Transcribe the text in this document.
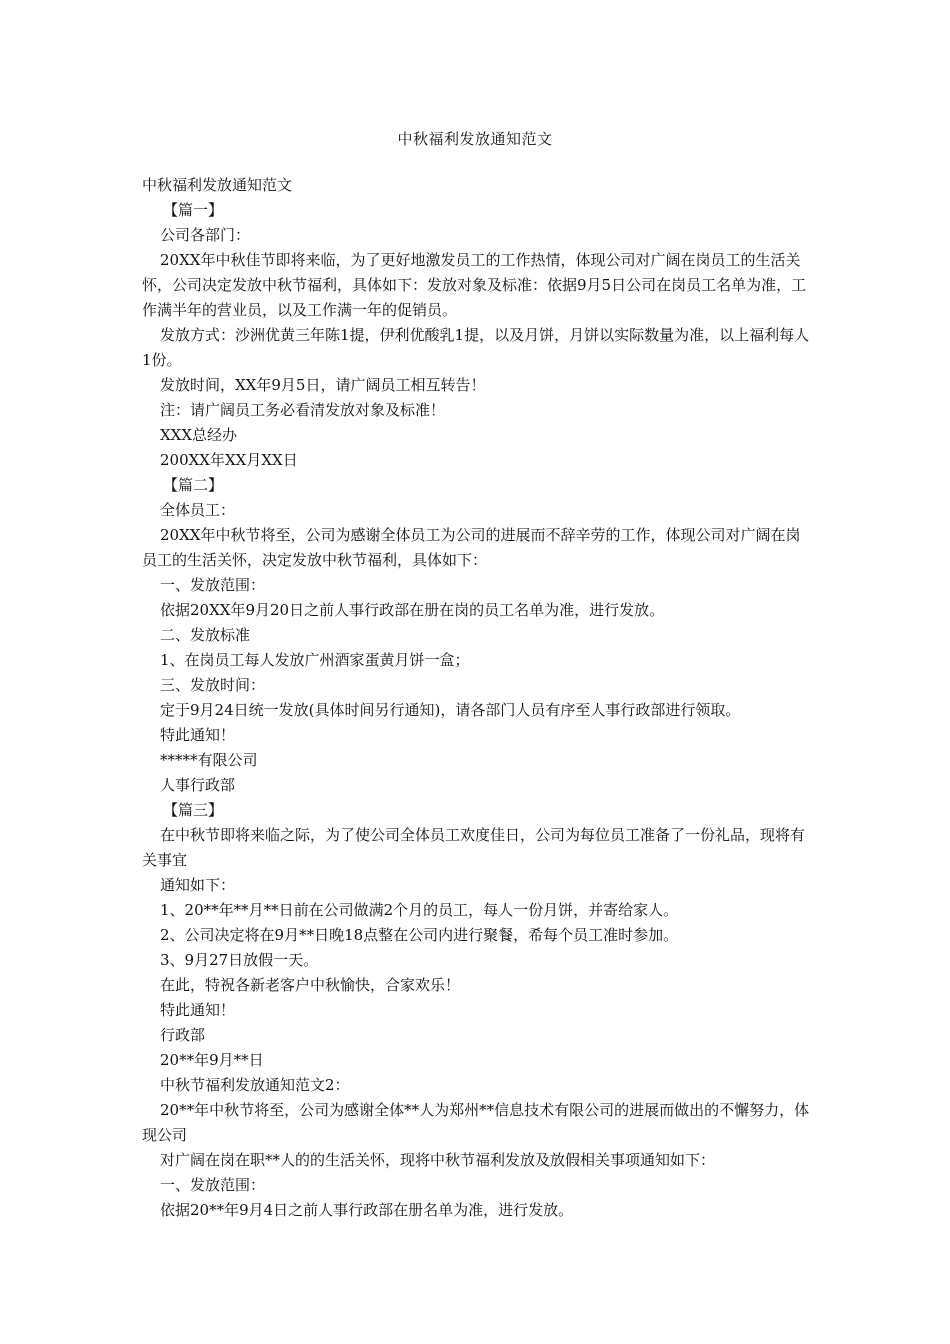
中秋福利发放通知范文

中秋福利发放通知范文

【篇一】

公司各部门：

20XX年中秋佳节即将来临，为了更好地激发员工的工作热情，体现公司对广阔在岗员工的生活关怀，公司决定发放中秋节福利，具体如下：发放对象及标准：依据9月5日公司在岗员工名单为准，工作满半年的营业员，以及工作满一年的促销员。

发放方式：沙洲优黄三年陈1提，伊利优酸乳1提，以及月饼，月饼以实际数量为准，以上福利每人1份。

发放时间，XX年9月5日，请广阔员工相互转告！

注：请广阔员工务必看清发放对象及标准！

XXX总经办

200XX年XX月XX日

【篇二】

全体员工：

20XX年中秋节将至，公司为感谢全体员工为公司的进展而不辞辛劳的工作，体现公司对广阔在岗员工的生活关怀，决定发放中秋节福利，具体如下：

一、发放范围：

依据20XX年9月20日之前人事行政部在册在岗的员工名单为准，进行发放。

二、发放标准

1、在岗员工每人发放广州酒家蛋黄月饼一盒；

三、发放时间：

定于9月24日统一发放(具体时间另行通知)，请各部门人员有序至人事行政部进行领取。

特此通知！

*****有限公司

人事行政部

【篇三】

在中秋节即将来临之际，为了使公司全体员工欢度佳日，公司为每位员工准备了一份礼品，现将有关事宜

通知如下：

1、20**年**月**日前在公司做满2个月的员工，每人一份月饼，并寄给家人。

2、公司决定将在9月**日晚18点整在公司内进行聚餐，希每个员工准时参加。

3、9月27日放假一天。

在此，特祝各新老客户中秋愉快，合家欢乐！

特此通知！

行政部

20**年9月**日

中秋节福利发放通知范文2：

20**年中秋节将至，公司为感谢全体**人为郑州**信息技术有限公司的进展而做出的不懈努力，体现公司

对广阔在岗在职**人的的生活关怀，现将中秋节福利发放及放假相关事项通知如下：

一、发放范围：

依据20**年9月4日之前人事行政部在册名单为准，进行发放。
